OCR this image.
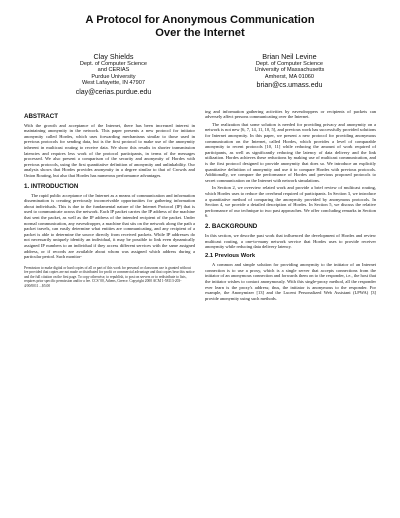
A Protocol for Anonymous Communication
Over the Internet
Clay Shields
Dept. of Computer Science
and CERIAS
Purdue University
West Lafayette, IN 47907
clay@cerias.purdue.edu
Brian Neil Levine
Dept. of Computer Science
University of Massachusetts
Amherst, MA 01060
brian@cs.umass.edu
ABSTRACT

With the growth and acceptance of the Internet, there has been increased interest in maintaining anonymity in the network. This paper presents a new protocol for initiator anonymity called Hordes, which uses forwarding mechanisms similar to those used in previous protocols for sending data, but is the first protocol to make use of the anonymity inherent in multicast routing to receive data. We show this results in shorter transmission latencies and requires less work of the protocol participants, in terms of the messages processed. We also present a comparison of the security and anonymity of Hordes with previous protocols, using the first quantitative definition of anonymity and unlinkability. Our analysis shows that Hordes provides anonymity in a degree similar to that of Crowds and Onion Routing, but also that Hordes has numerous performance advantages.

1. INTRODUCTION

The rapid public acceptance of the Internet as a means of communication and information dissemination is creating previously inconceivable opportunities for gathering information about individuals. This is due to the fundamental nature of the Internet Protocol (IP) that is used to communicate across the network. Each IP packet carries the IP address of the machine that sent the packet, as well as the IP address of the intended recipient of the packet. Under normal communication, any eavesdropper, a machine that sits on the network along the path a packet travels, can easily determine what entities are communicating, and any recipient of a packet is able to determine the source directly from received packets. While IP addresses do not necessarily uniquely identify an individual, it may be possible to link even dynamically assigned IP numbers to an individual if they access different services with the same assigned address, or if records are available about whom was assigned which address during a particular period. Such monitor-

Permission to make digital or hard copies of all or part of this work for personal or classroom use is granted without fee provided that copies are not made or distributed for profit or commercial advantage and that copies bear this notice and the full citation on the first page. To copy otherwise, to republish, to post on servers or to redistribute to lists, requires prior specific permission and/or a fee. CCS '00, Athens, Greece. Copyright 2000 ACM 1-58113-203-4/00/0011 ...$5.00

ing and information gathering activities by eavesdroppers or recipients of packets can adversely affect persons communicating over the Internet.

The realization that some solution is needed for providing privacy and anonymity on a network is not new [6, 7, 14, 11, 10, 5], and previous work has successfully provided solutions for Internet anonymity. In this paper, we present a new protocol for providing anonymous communication on the Internet, called Hordes, which provides a level of comparable anonymity to recent protocols [10, 11] while reducing the amount of work required of participants, as well as significantly reducing the latency of data delivery and the link utilization. Hordes achieves these reductions by making use of multicast communication, and is the first protocol designed to provide anonymity that does so. We introduce an explicitly quantitative definition of anonymity and use it to compare Hordes with previous protocols. Additionally, we compare the performance of Hordes and previous proposed protocols to secret communication on the Internet with network simulations.

In Section 2, we overview related work and provide a brief review of multicast routing, which Hordes uses to reduce the overhead required of participants. In Section 3, we introduce a quantitative method of comparing the anonymity provided by anonymous protocols. In Section 4, we provide a detailed description of Hordes. In Section 5, we discuss the relative performance of our technique to two past approaches. We offer concluding remarks in Section 6.

2. BACKGROUND

In this section, we describe past work that influenced the development of Hordes and review multicast routing, a one-to-many network service that Hordes uses to provide receiver anonymity while reducing data delivery latency.

2.1 Previous Work

A common and simple solution for providing anonymity to the initiator of an Internet connection is to use a proxy, which is a single server that accepts connections from the initiator of an anonymous connection and forwards them on to the responder, i.e., the host that the initiator wishes to contact anonymously. With this single-proxy method, all the responder ever learn is the proxy's address; thus, the initiator is anonymous to the responder. For example, the Anonymizer [13] and the Lucent Personalized Web Assistant (LPWA) [3] provide anonymity using such methods.
